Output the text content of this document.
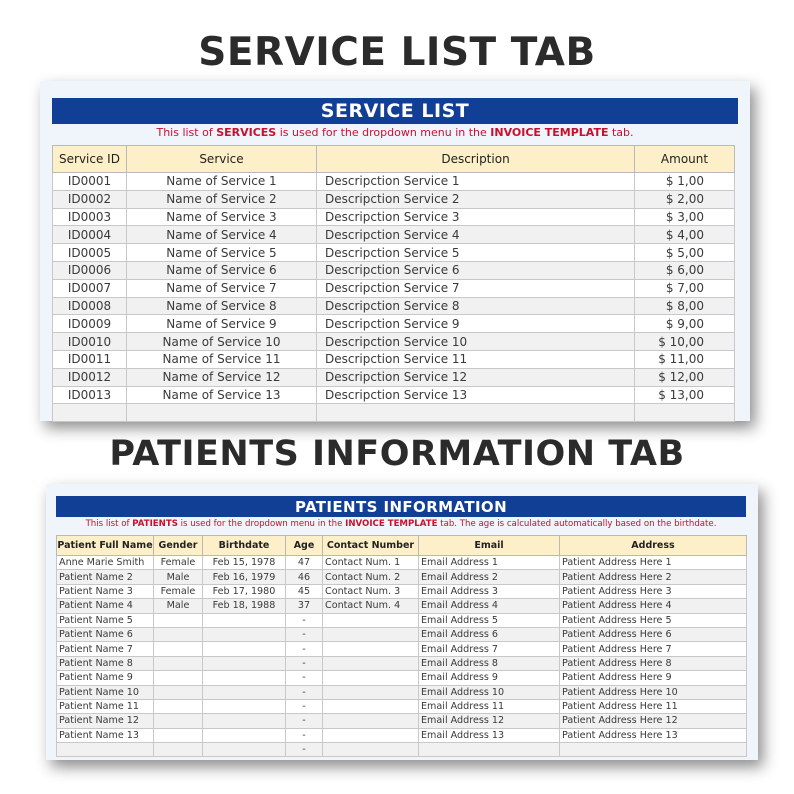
SERVICE LIST TAB
SERVICE LIST
This list of SERVICES is used for the dropdown menu in the INVOICE TEMPLATE tab.
Service ID	Service	Description	Amount
ID0001	Name of Service 1	Descripction Service 1	$ 1,00
ID0002	Name of Service 2	Descripction Service 2	$ 2,00
ID0003	Name of Service 3	Descripction Service 3	$ 3,00
ID0004	Name of Service 4	Descripction Service 4	$ 4,00
ID0005	Name of Service 5	Descripction Service 5	$ 5,00
ID0006	Name of Service 6	Descripction Service 6	$ 6,00
ID0007	Name of Service 7	Descripction Service 7	$ 7,00
ID0008	Name of Service 8	Descripction Service 8	$ 8,00
ID0009	Name of Service 9	Descripction Service 9	$ 9,00
ID0010	Name of Service 10	Descripction Service 10	$ 10,00
ID0011	Name of Service 11	Descripction Service 11	$ 11,00
ID0012	Name of Service 12	Descripction Service 12	$ 12,00
ID0013	Name of Service 13	Descripction Service 13	$ 13,00

PATIENTS INFORMATION TAB
PATIENTS INFORMATION
This list of PATIENTS is used for the dropdown menu in the INVOICE TEMPLATE tab. The age is calculated automatically based on the birthdate.
Patient Full Name	Gender	Birthdate	Age	Contact Number	Email	Address
Anne Marie Smith	Female	Feb 15, 1978	47	Contact Num. 1	Email Address 1	Patient Address Here 1
Patient Name 2	Male	Feb 16, 1979	46	Contact Num. 2	Email Address 2	Patient Address Here 2
Patient Name 3	Female	Feb 17, 1980	45	Contact Num. 3	Email Address 3	Patient Address Here 3
Patient Name 4	Male	Feb 18, 1988	37	Contact Num. 4	Email Address 4	Patient Address Here 4
Patient Name 5			-		Email Address 5	Patient Address Here 5
Patient Name 6			-		Email Address 6	Patient Address Here 6
Patient Name 7			-		Email Address 7	Patient Address Here 7
Patient Name 8			-		Email Address 8	Patient Address Here 8
Patient Name 9			-		Email Address 9	Patient Address Here 9
Patient Name 10			-		Email Address 10	Patient Address Here 10
Patient Name 11			-		Email Address 11	Patient Address Here 11
Patient Name 12			-		Email Address 12	Patient Address Here 12
Patient Name 13			-		Email Address 13	Patient Address Here 13
			-			
